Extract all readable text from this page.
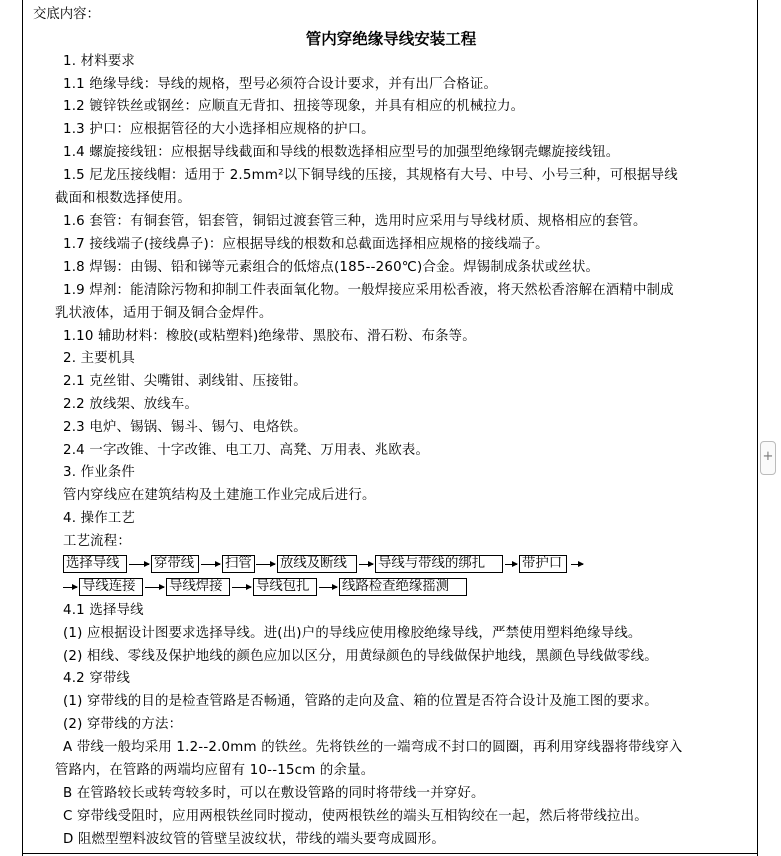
交底内容：
管内穿绝缘导线安装工程
1. 材料要求
1.1 绝缘导线：导线的规格，型号必须符合设计要求，并有出厂合格证。
1.2 镀锌铁丝或钢丝：应顺直无背扣、扭接等现象，并具有相应的机械拉力。
1.3 护口：应根据管径的大小选择相应规格的护口。
1.4 螺旋接线钮：应根据导线截面和导线的根数选择相应型号的加强型绝缘钢壳螺旋接线钮。
1.5 尼龙压接线帽：适用于 2.5mm²以下铜导线的压接，其规格有大号、中号、小号三种，可根据导线
截面和根数选择使用。
1.6 套管：有铜套管，铝套管，铜铝过渡套管三种，选用时应采用与导线材质、规格相应的套管。
1.7 接线端子(接线鼻子)：应根据导线的根数和总截面选择相应规格的接线端子。
1.8 焊锡：由锡、铅和锑等元素组合的低熔点(185--260℃)合金。焊锡制成条状或丝状。
1.9 焊剂：能清除污物和抑制工件表面氧化物。一般焊接应采用松香液，将天然松香溶解在酒精中制成
乳状液体，适用于铜及铜合金焊件。
1.10 辅助材料：橡胶(或粘塑料)绝缘带、黑胶布、滑石粉、布条等。
2. 主要机具
2.1 克丝钳、尖嘴钳、剥线钳、压接钳。
2.2 放线架、放线车。
2.3 电炉、锡锅、锡斗、锡勺、电烙铁。
2.4 一字改锥、十字改锥、电工刀、高凳、万用表、兆欧表。
3. 作业条件
管内穿线应在建筑结构及土建施工作业完成后进行。
4. 操作工艺
工艺流程：
4.1 选择导线
(1) 应根据设计图要求选择导线。进(出)户的导线应使用橡胶绝缘导线，严禁使用塑料绝缘导线。
(2) 相线、零线及保护地线的颜色应加以区分，用黄绿颜色的导线做保护地线，黑颜色导线做零线。
4.2 穿带线
(1) 穿带线的目的是检查管路是否畅通，管路的走向及盒、箱的位置是否符合设计及施工图的要求。
(2) 穿带线的方法：
A 带线一般均采用 1.2--2.0mm 的铁丝。先将铁丝的一端弯成不封口的圆圈，再利用穿线器将带线穿入
管路内，在管路的两端均应留有 10--15cm 的余量。
B 在管路较长或转弯较多时，可以在敷设管路的同时将带线一并穿好。
C 穿带线受阻时，应用两根铁丝同时搅动，使两根铁丝的端头互相钩绞在一起，然后将带线拉出。
D 阻燃型塑料波纹管的管壁呈波纹状，带线的端头要弯成圆形。
选择导线	穿带线	扫管 放线及断线	导线与带线的绑扎	带护口
导线连接	导线焊接	导线包扎	线路检查绝缘摇测
+
